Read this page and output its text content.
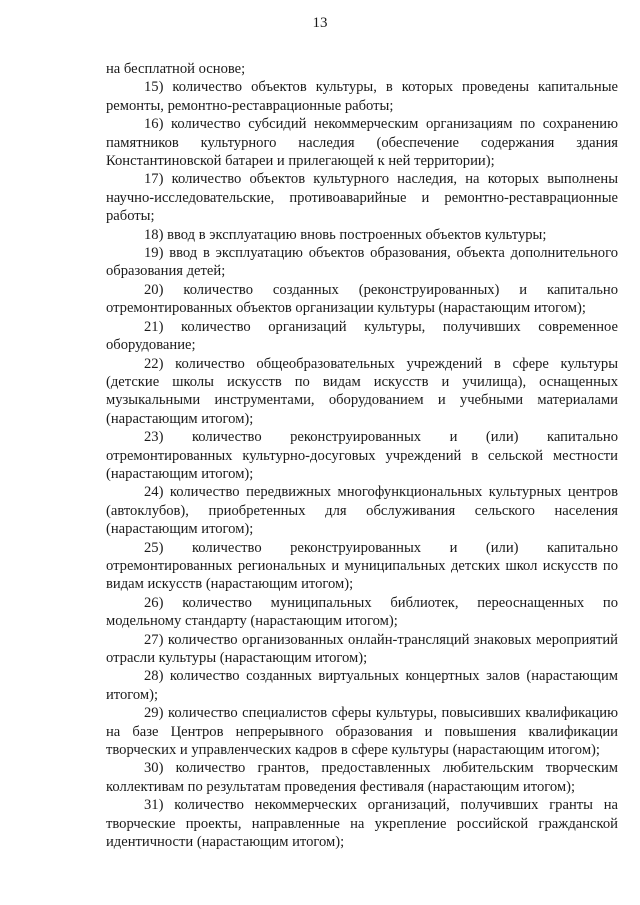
13

на бесплатной основе;

15) количество объектов культуры, в которых проведены капитальные ремонты, ремонтно-реставрационные работы;

16) количество субсидий некоммерческим организациям по сохранению памятников культурного наследия (обеспечение содержания здания Константиновской батареи и прилегающей к ней территории);

17) количество объектов культурного наследия, на которых выполнены научно-исследовательские, противоаварийные и ремонтно-реставрационные работы;

18) ввод в эксплуатацию вновь построенных объектов культуры;

19) ввод в эксплуатацию объектов образования, объекта дополнительного образования детей;

20) количество созданных (реконструированных) и капитально отремонтированных объектов организации культуры (нарастающим итогом);

21) количество организаций культуры, получивших современное оборудование;

22) количество общеобразовательных учреждений в сфере культуры (детские школы искусств по видам искусств и училища), оснащенных музыкальными инструментами, оборудованием и учебными материалами (нарастающим итогом);

23) количество реконструированных и (или) капитально отремонтированных культурно-досуговых учреждений в сельской местности (нарастающим итогом);

24) количество передвижных многофункциональных культурных центров (автоклубов), приобретенных для обслуживания сельского населения (нарастающим итогом);

25) количество реконструированных и (или) капитально отремонтированных региональных и муниципальных детских школ искусств по видам искусств (нарастающим итогом);

26) количество муниципальных библиотек, переоснащенных по модельному стандарту (нарастающим итогом);

27) количество организованных онлайн-трансляций знаковых мероприятий отрасли культуры (нарастающим итогом);

28) количество созданных виртуальных концертных залов (нарастающим итогом);

29) количество специалистов сферы культуры, повысивших квалификацию на базе Центров непрерывного образования и повышения квалификации творческих и управленческих кадров в сфере культуры (нарастающим итогом);

30) количество грантов, предоставленных любительским творческим коллективам по результатам проведения фестиваля (нарастающим итогом);

31) количество некоммерческих организаций, получивших гранты на творческие проекты, направленные на укрепление российской гражданской идентичности (нарастающим итогом);
